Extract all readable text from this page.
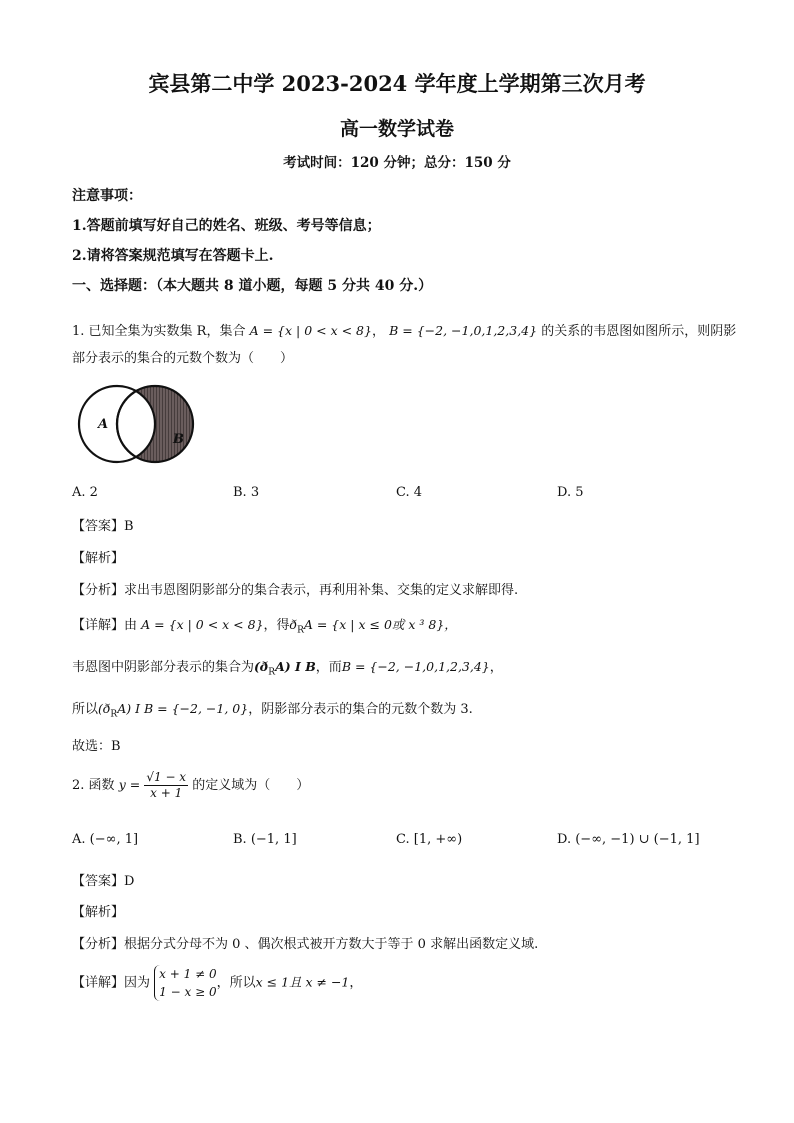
宾县第二中学 2023-2024 学年度上学期第三次月考
高一数学试卷
考试时间：120 分钟；总分：150 分
注意事项：
1.答题前填写好自己的姓名、班级、考号等信息；
2.请将答案规范填写在答题卡上.
一、选择题：（本大题共 8 道小题，每题 5 分共 40 分.）
1. 已知全集为实数集 R，集合 A = {x | 0 < x < 8}， B = {−2, −1,0,1,2,3,4} 的关系的韦恩图如图所示，则阴影
部分表示的集合的元数个数为（　　）
A
B
A. 2	B. 3	C. 4	D. 5
【答案】B
【解析】
【分析】求出韦恩图阴影部分的集合表示，再利用补集、交集的定义求解即得.
【详解】由 A = {x | 0 < x < 8}，得$ð_RA = \{x$ | x ≤ 0或 x ³ 8}，
韦恩图中阴影部分表示的集合为$(ð_RA)$ I B，而B = {−2, −1,0,1,2,3,4}，
所以$(ð_RA)$ I B = {−2, −1, 0}，阴影部分表示的集合的元数个数为 3.
故选：B
2. 函数 $y = \frac{√1 - x}{x + 1}$ 的定义域为（　　）
A. (−∞, 1]	B. (−1, 1]	C. [1, +∞)	D. (−∞, −1) ∪ (−1, 1]
【答案】D
【解析】
【分析】根据分式分母不为 0 、偶次根式被开方数大于等于 0 求解出函数定义域.
【详解】因为
x + 1 ≠ 0
1 − x ≥ 0
，所以x ≤ 1且 x ≠ −1，
